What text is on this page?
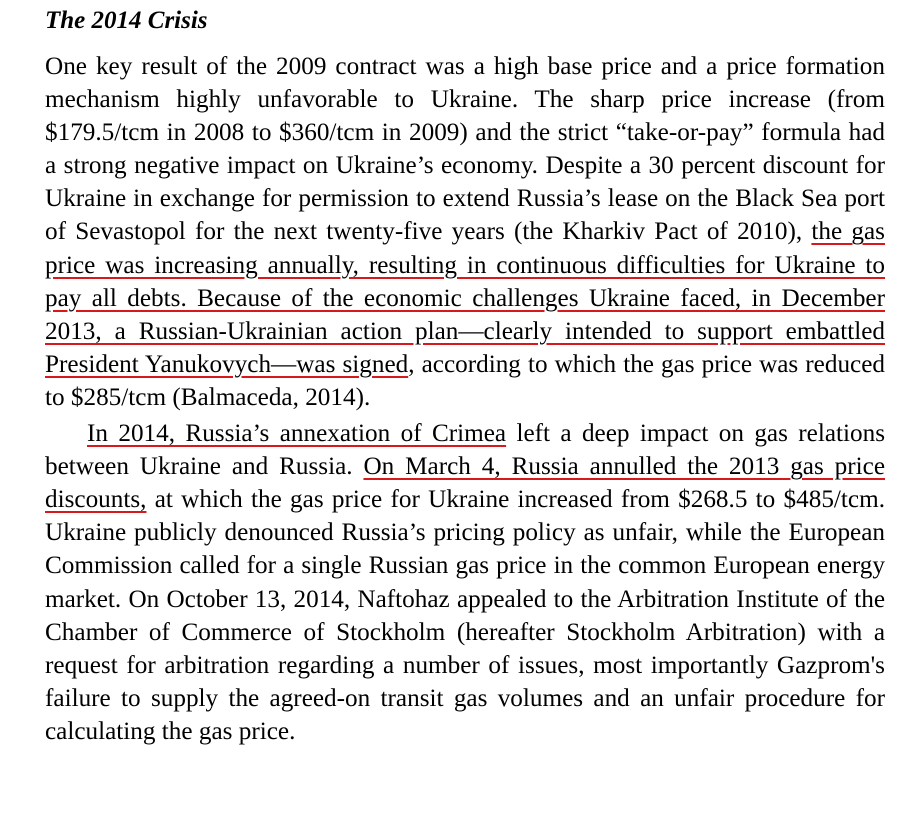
The 2014 Crisis

One key result of the 2009 contract was a high base price and a price formation mechanism highly unfavorable to Ukraine. The sharp price increase (from $179.5/tcm in 2008 to $360/tcm in 2009) and the strict “take-or-pay” formula had a strong negative impact on Ukraine’s economy. Despite a 30 percent discount for Ukraine in exchange for permission to extend Russia’s lease on the Black Sea port of Sevastopol for the next twenty-five years (the Kharkiv Pact of 2010), the gas price was increasing annually, resulting in continuous difficulties for Ukraine to pay all debts. Because of the economic challenges Ukraine faced, in December 2013, a Russian-Ukrainian action plan—clearly intended to support embattled President Yanukovych—was signed, according to which the gas price was reduced to $285/tcm (Balmaceda, 2014).

In 2014, Russia’s annexation of Crimea left a deep impact on gas relations between Ukraine and Russia. On March 4, Russia annulled the 2013 gas price discounts, at which the gas price for Ukraine increased from $268.5 to $485/tcm. Ukraine publicly denounced Russia’s pricing policy as unfair, while the European Commission called for a single Russian gas price in the common European energy market. On October 13, 2014, Naftohaz appealed to the Arbitration Institute of the Chamber of Commerce of Stockholm (hereafter Stockholm Arbitration) with a request for arbitration regarding a number of issues, most importantly Gazprom's failure to supply the agreed-on transit gas volumes and an unfair procedure for calculating the gas price.
